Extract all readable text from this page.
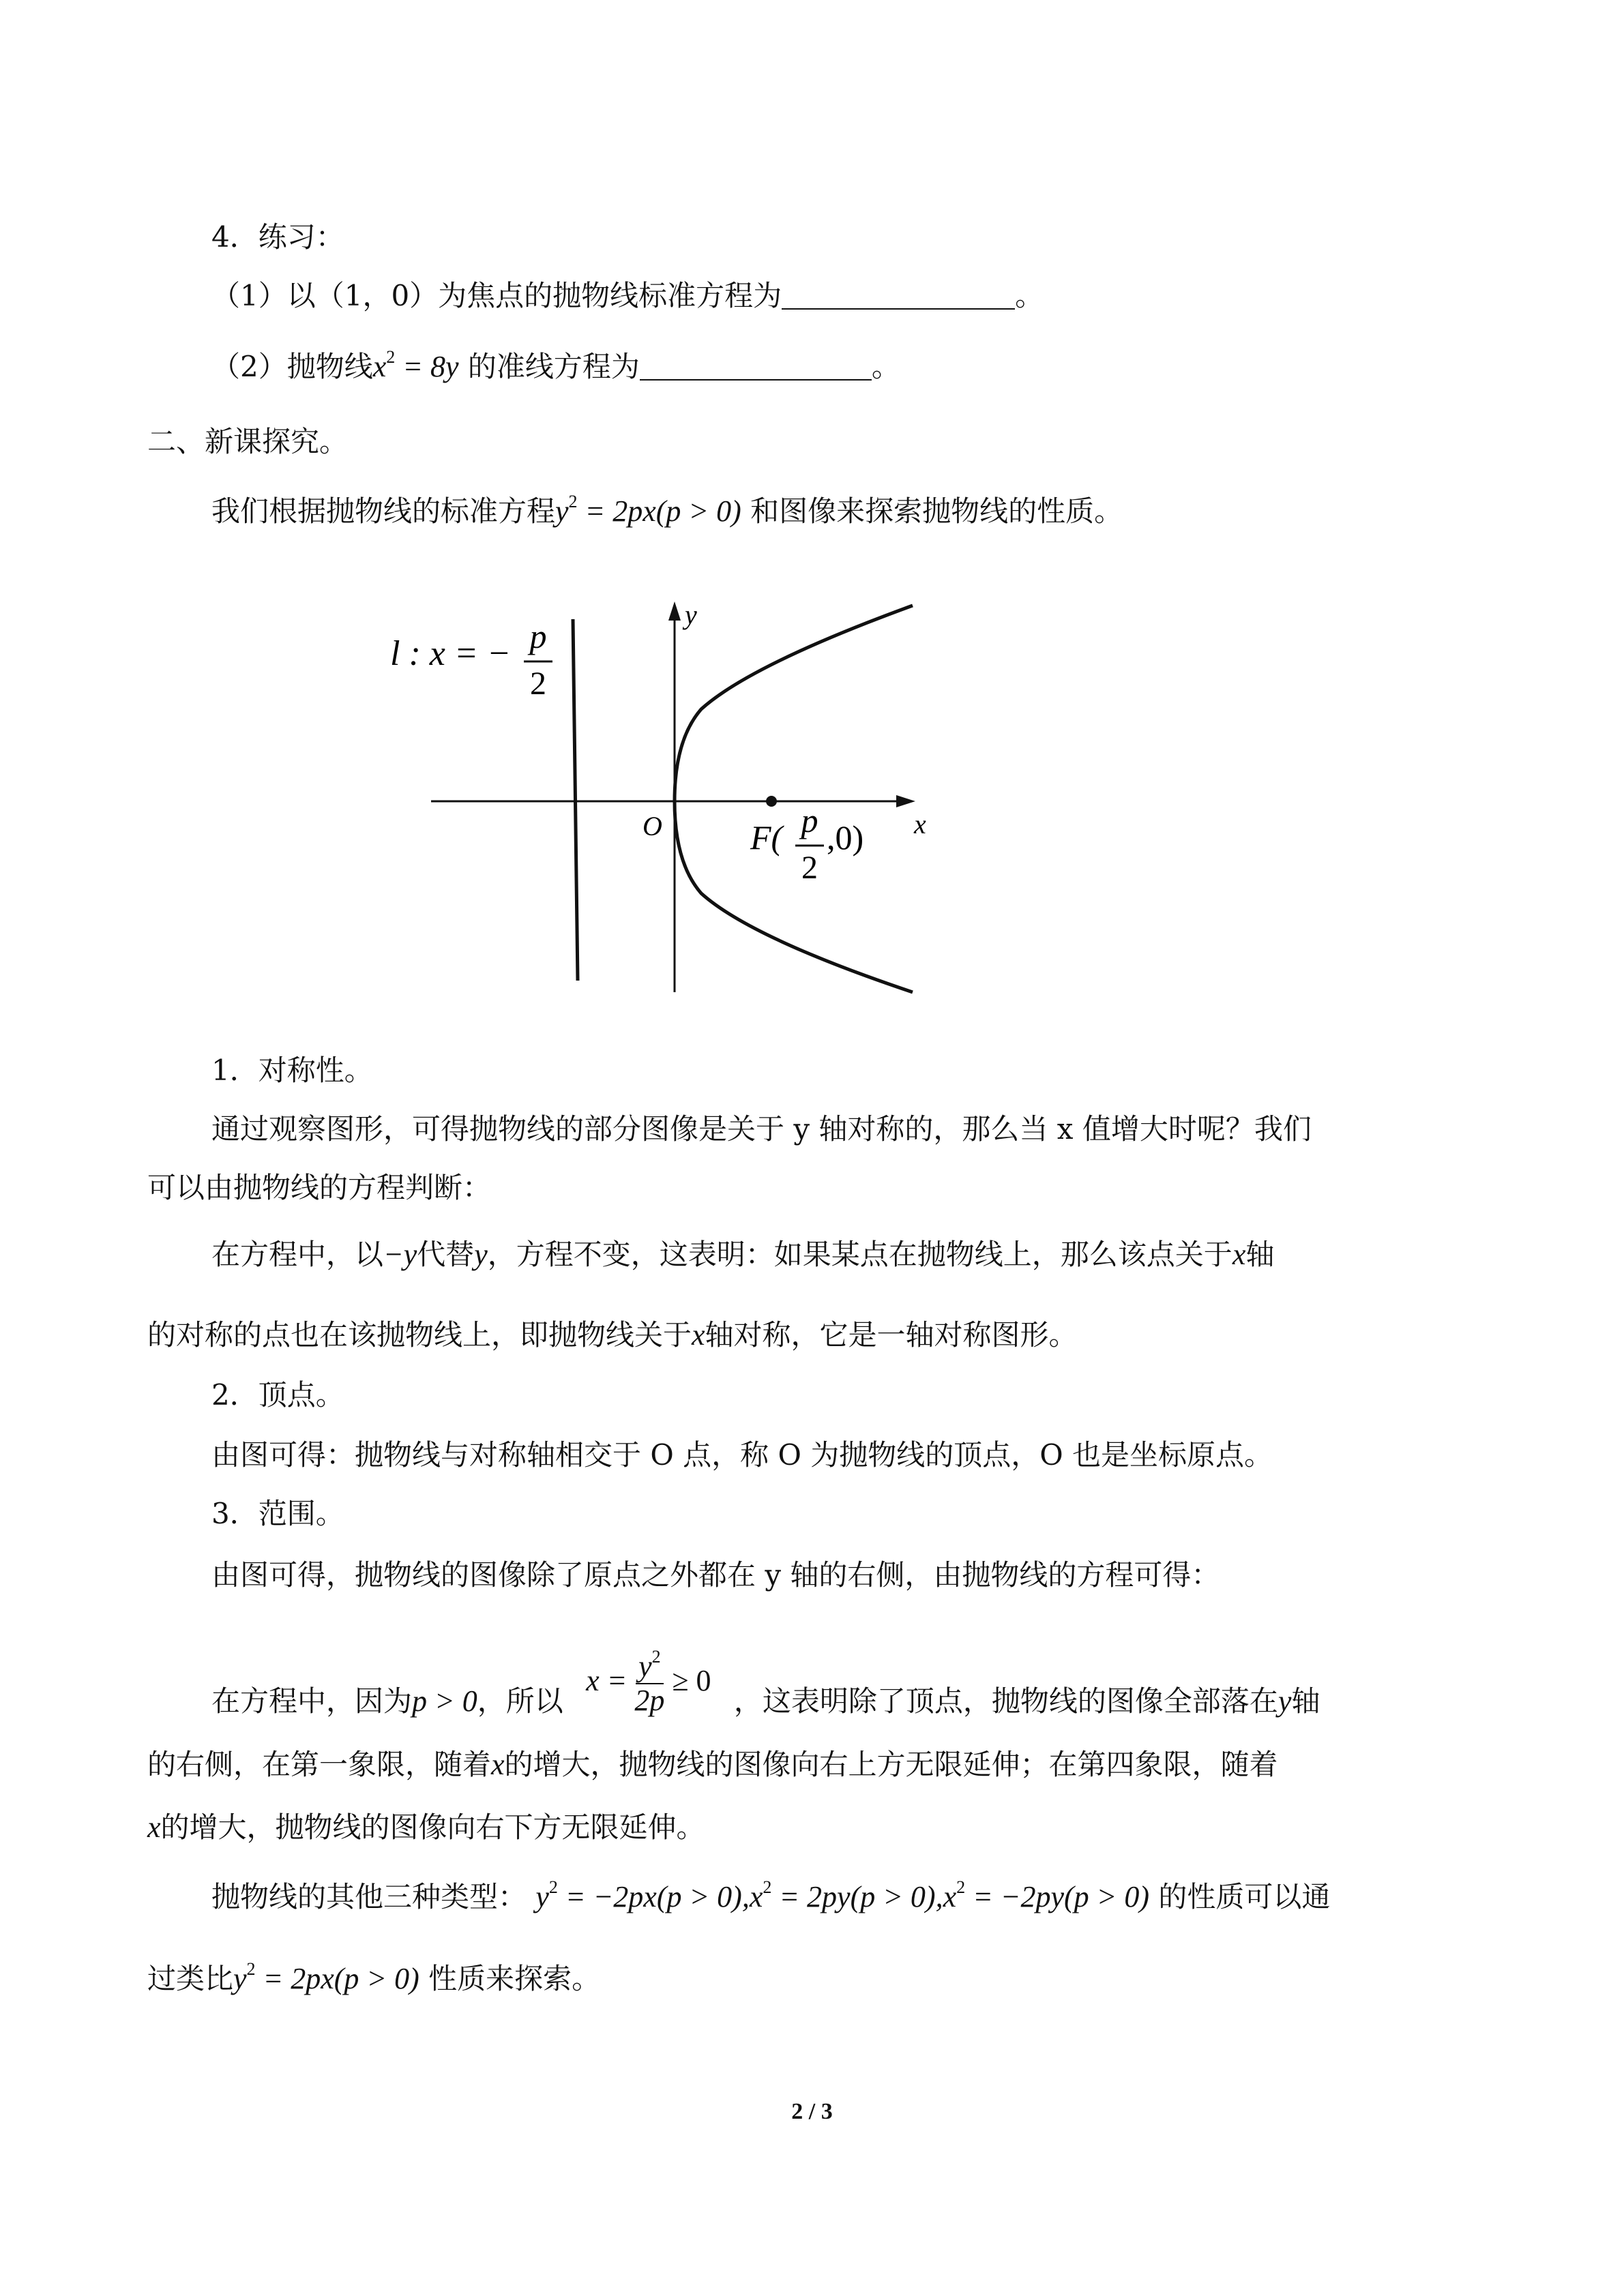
4．练习：
（1）以（1，0）为焦点的抛物线标准方程为	。
（2）抛物线$x^2 = 8y$ 的准线方程为	。
二、新课探究。
我们根据抛物线的标准方程$y^2 = 2px(p > 0)$ 和图像来探索抛物线的性质。
l : x = − p
2
y
x
O	F( p
2
,0)
1．对称性。
通过观察图形，可得抛物线的部分图像是关于 y 轴对称的，那么当 x 值增大时呢？我们
可以由抛物线的方程判断：
在方程中，以−y代替y，方程不变，这表明：如果某点在抛物线上，那么该点关于x轴
的对称的点也在该抛物线上，即抛物线关于x轴对称，它是一轴对称图形。
2．顶点。
由图可得：抛物线与对称轴相交于 O 点，称 O 为抛物线的顶点，O 也是坐标原点。
3．范围。
由图可得，抛物线的图像除了原点之外都在 y 轴的右侧，由抛物线的方程可得：
在方程中，因为p > 0，所以 $x = \frac{y^2}{2p} \ge 0$ ，这表明除了顶点，抛物线的图像全部落在y轴
的右侧，在第一象限，随着x的增大，抛物线的图像向右上方无限延伸；在第四象限，随着
x的增大，抛物线的图像向右下方无限延伸。
抛物线的其他三种类型： $y^2 = -2px(p > 0),x^2 = 2py(p > 0),x^2 = -2py(p > 0)$ 的性质可以通
过类比$y^2 = 2px(p > 0)$ 性质来探索。
2 / 3
